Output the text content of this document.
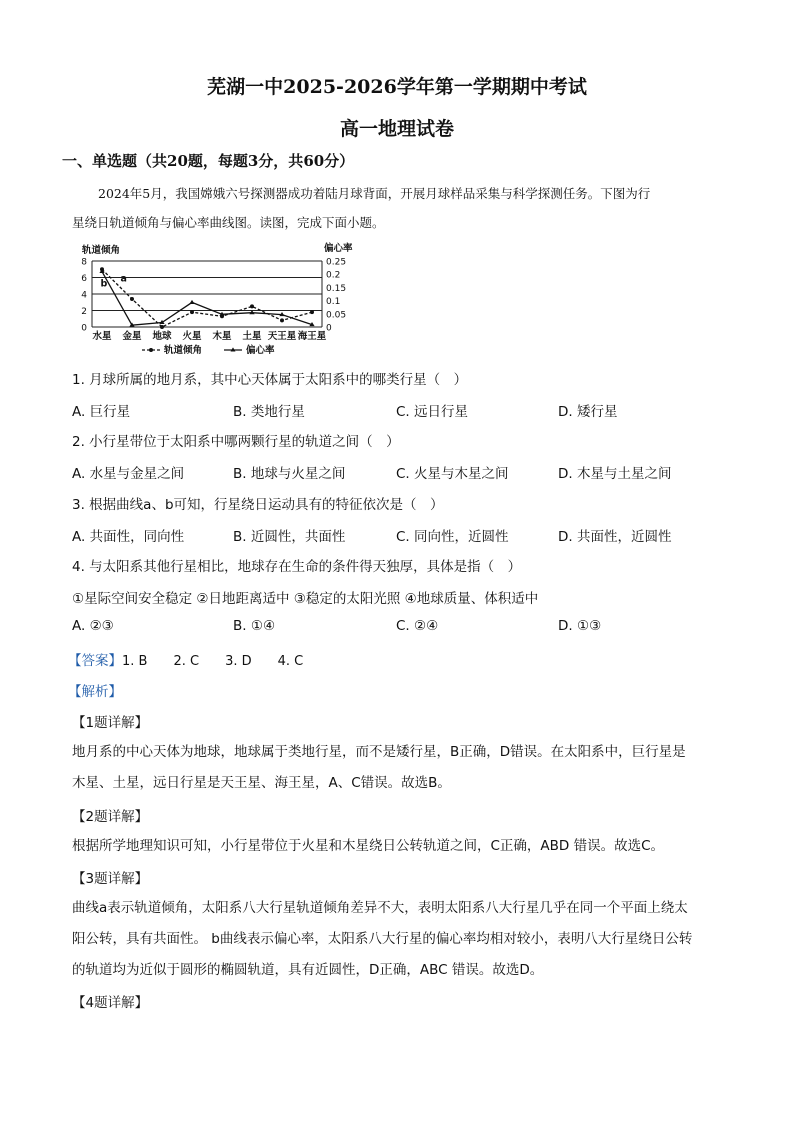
芜湖一中2025-2026学年第一学期期中考试
高一地理试卷
一、单选题（共20题，每题3分，共60分）
2024年5月，我国嫦娥六号探测器成功着陆月球背面，开展月球样品采集与科学探测任务。下图为行
星绕日轨道倾角与偏心率曲线图。读图，完成下面小题。
0
2
4
6
8
0
0.05
0.1
0.15
0.2
0.25
轨道倾角	偏心率
水星 金星 地球 火星 木星 土星 天王星 海王星
a
b
轨道倾角	偏心率
1. 月球所属的地月系，其中心天体属于太阳系中的哪类行星（　）
A. 巨行星	B. 类地行星	C. 远日行星	D. 矮行星
2. 小行星带位于太阳系中哪两颗行星的轨道之间（　）
A. 水星与金星之间	B. 地球与火星之间	C. 火星与木星之间	D. 木星与土星之间
3. 根据曲线a、b可知，行星绕日运动具有的特征依次是（　）
A. 共面性，同向性	B. 近圆性，共面性	C. 同向性，近圆性	D. 共面性，近圆性
4. 与太阳系其他行星相比，地球存在生命的条件得天独厚，具体是指（　）
①星际空间安全稳定 ②日地距离适中 ③稳定的太阳光照 ④地球质量、体积适中
A. ②③	B. ①④	C. ②④	D. ①③
【答案】1. B　　2. C　　3. D　　4. C
【解析】
【1题详解】
地月系的中心天体为地球，地球属于类地行星，而不是矮行星，B正确，D错误。在太阳系中，巨行星是
木星、土星，远日行星是天王星、海王星，A、C错误。故选B。
【2题详解】
根据所学地理知识可知，小行星带位于火星和木星绕日公转轨道之间，C正确，ABD 错误。故选C。
【3题详解】
曲线a表示轨道倾角，太阳系八大行星轨道倾角差异不大，表明太阳系八大行星几乎在同一个平面上绕太
阳公转，具有共面性。 b曲线表示偏心率，太阳系八大行星的偏心率均相对较小，表明八大行星绕日公转
的轨道均为近似于圆形的椭圆轨道，具有近圆性，D正确，ABC 错误。故选D。
【4题详解】
